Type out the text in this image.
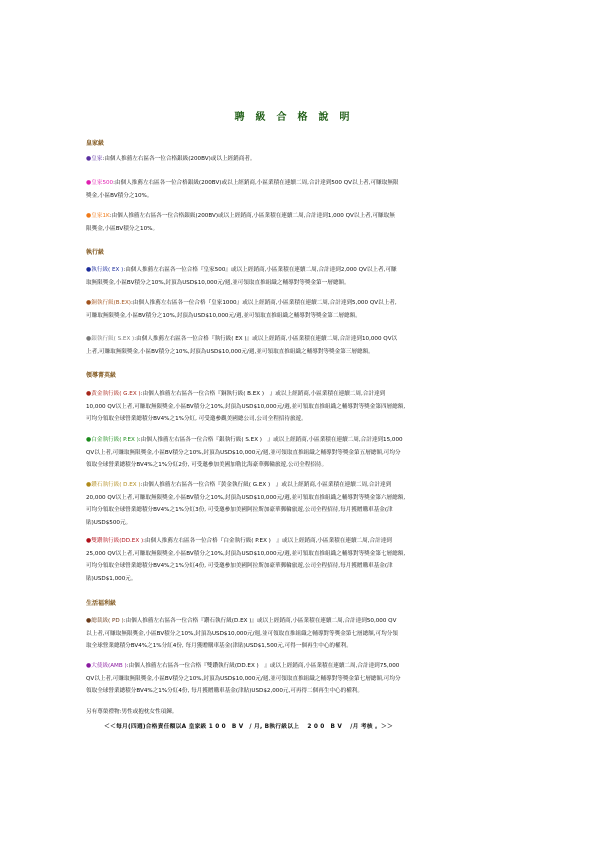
聘級合格說明
皇家級
●皇家:由個人推薦左右區各一位合格銀級(200BV)或以上經銷商者。
●皇家500:由個人推薦左右區各一位合格銀級(200BV)或以上經銷商,小區業積在連續二周,合計達到500 QV以上者,可賺取無限
獎金,小區BV積分之10%。
●皇家1K:由個人推薦左右區各一位合格銀級(200BV)或以上經銷商,小區業積在連續二周,合計達到1,000 QV以上者,可賺取無
限獎金,小區BV積分之10%。
執行級
●執行級( EX ):由個人推薦左右區各一位合格『皇家500』或以上經銷商,小區業積在連續二周,合計達到2,000 QV以上者,可賺
取無限獎金,小區BV積分之10%,封頂為USD$10,000元/週,並可領取直推組織之輔導對等獎金第一層總額。
●銅執行級(B.EX):由個人推薦左右區各一位合格『皇家1000』或以上經銷商,小區業積在連續二周,合計達到5,000 QV以上者,
可賺取無限獎金,小區BV積分之10%,封頂為USD$10,000元/週,並可領取直推組織之輔導對等獎金第二層總額。
●銀執行級( S.EX ):由個人推薦左右區各一位合格『執行級( EX )』或以上經銷商,小區業積在連續二周,合計達到10,000 QV以
上者,可賺取無限獎金,小區BV積分之10%,封頂為USD$10,000元/週,並可領取直推組織之輔導對等獎金第三層總額。
領導菁英級
●黃金執行級( G.EX ):由個人推薦左右區各一位合格『銅執行級( B.EX )　』或以上經銷商,小區業積在連續二周,合計達到
10,000 QV以上者,可賺取無限獎金,小區BV積分之10%,封頂為USD$10,000元/週,並可領取直推組織之輔導對等獎金第四層總額,
可均分領取全球營業總積分BV4%之1%分紅, 可受邀參觀美國總公司,公司全程招待旅遊。
●白金執行級( P.EX ):由個人推薦左右區各一位合格『銀執行級( S.EX )　』或以上經銷商,小區業積在連續二周,合計達到15,000
QV以上者,可賺取無限獎金,小區BV積分之10%,封頂為USD$10,000元/週,並可領取直推組織之輔導對等獎金第五層總額,可均分
領取全球營業總積分BV4%之1%分紅2份, 可受邀參加美國加勒比海豪華郵輪旅遊,公司全程招待。
●鑽石執行級( D.EX ):由個人推薦左右區各一位合格『黃金執行級( G.EX )　』或以上經銷商,小區業積在連續二周,合計達到
20,000 QV以上者,可賺取無限獎金,小區BV積分之10%,封頂為USD$10,000元/週,並可領取直推組織之輔導對等獎金第六層總額,
可均分領取全球營業總積分BV4%之1%分紅3份, 可受邀參加美國阿拉斯加豪華郵輪旅遊,公司全程招待,每月獲贈購車基金(津
貼)USD$500元。
●雙鑽執行級(DD.EX ):由個人推薦左右區各一位合格『白金執行級( P.EX )　』或以上經銷商,小區業積在連續二周,合計達到
25,000 QV以上者,可賺取無限獎金,小區BV積分之10%,封頂為USD$10,000元/週,並可領取直推組織之輔導對等獎金第七層總額,
可均分領取全球營業總積分BV4%之1%分紅4份, 可受邀參加美國阿拉斯加豪華郵輪旅遊,公司全程招待,每月獲贈購車基金(津
貼)USD$1,000元。
生活福利級
●總裁級( PD ):由個人推薦左右區各一位合格『鑽石執行級(D.EX )』或以上經銷商,小區業積在連續二周,合計達到50,000 QV
以上者,可賺取無限獎金,小區BV積分之10%,封頂為USD$10,000元/週,並可領取直推組織之輔導對等獎金第七層總額,可均分領
取全球營業總積分BV4%之1%分紅4份, 每月獲贈購車基金(津貼)USD$1,500元,可得一個再生中心的權利。
●大使級(AMB ):由個人推薦左右區各一位合格『雙鑽執行級(DD.EX )　』或以上經銷商,小區業積在連續二周,合計達到75,000
QV以上者,可賺取無限獎金,小區BV積分之10%,封頂為USD$10,000元/週,並可領取直推組織之輔導對等獎金第七層總額,可均分
領取全球營業總積分BV4%之1%分紅4份, 每月獲贈購車基金(津貼)USD$2,000元,可再得二個再生中心的權利。
另有尊榮禮物:男性或抱枕女性項鍊。
＜＜每月(四週)合格責任額以A 皇家級 1 0 0　B V　/ 月, B執行級以上　 2 0 0　B V　 /月 考核 。＞＞
